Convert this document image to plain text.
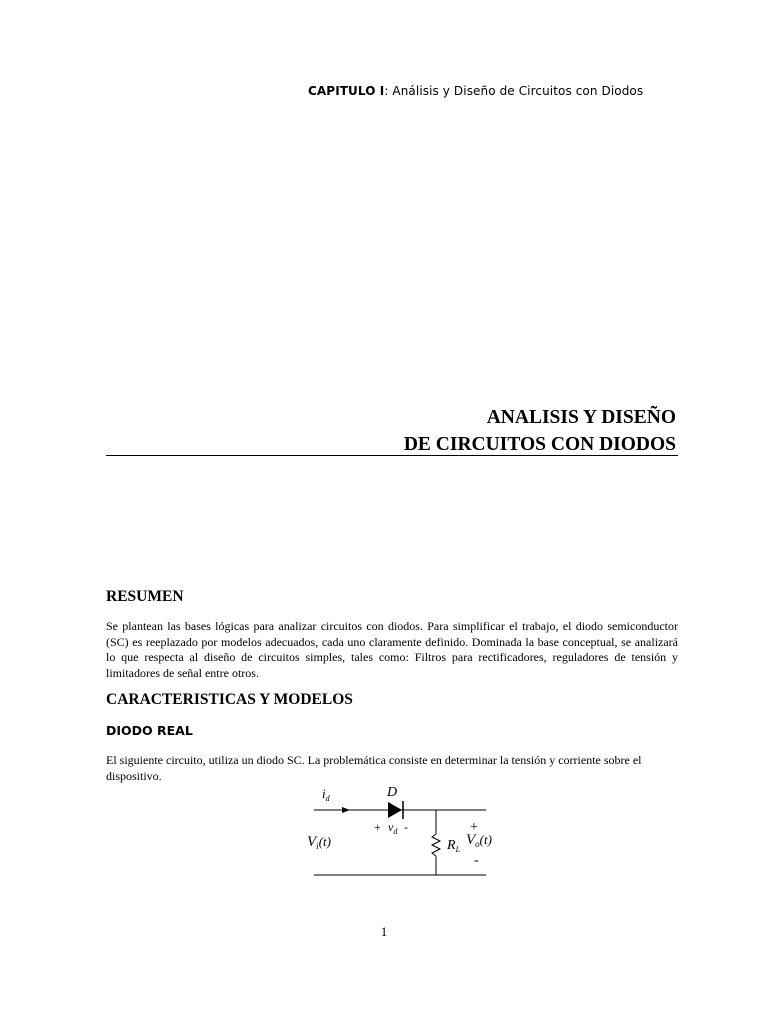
CAPITULO I: Análisis y Diseño de Circuitos con Diodos
ANALISIS Y DISEÑO
DE CIRCUITOS CON DIODOS
RESUMEN
Se plantean las bases lógicas para analizar circuitos con diodos. Para simplificar el trabajo, el diodo semiconductor (SC) es reeplazado por modelos adecuados, cada uno claramente definido. Dominada la base conceptual, se analizará lo que respecta al diseño de circuitos simples, tales como: Filtros para rectificadores, reguladores de tensión y limitadores de señal entre otros.
CARACTERISTICAS Y MODELOS
DIODO REAL
El siguiente circuito, utiliza un diodo SC. La problemática consiste en determinar la tensión y corriente sobre el dispositivo.
$i_d$	D
+ $v_d$ -
$V_i(t)$	$R_L$
+
$V_o(t)$
-
1
